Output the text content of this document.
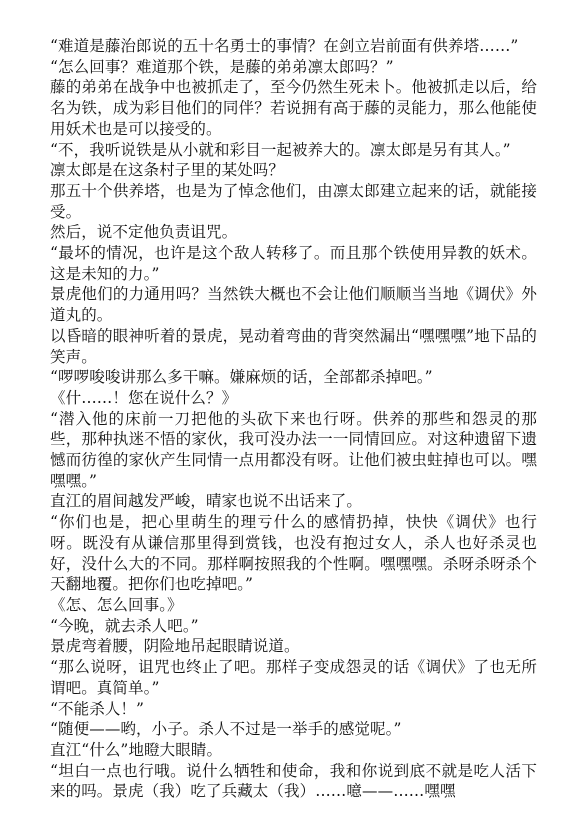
“难道是藤治郎说的五十名勇士的事情？在剑立岩前面有供养塔……”

“怎么回事？难道那个铁，是藤的弟弟凛太郎吗？”

藤的弟弟在战争中也被抓走了，至今仍然生死未卜。他被抓走以后，给名为铁，成为彩目他们的同伴？若说拥有高于藤的灵能力，那么他能使用妖术也是可以接受的。

“不，我听说铁是从小就和彩目一起被养大的。凛太郎是另有其人。”

凛太郎是在这条村子里的某处吗？

那五十个供养塔，也是为了悼念他们，由凛太郎建立起来的话，就能接受。

然后，说不定他负责诅咒。

“最坏的情况，也许是这个敌人转移了。而且那个铁使用异教的妖术。这是未知的力。”

景虎他们的力通用吗？当然铁大概也不会让他们顺顺当当地《调伏》外道丸的。

以昏暗的眼神听着的景虎，晃动着弯曲的背突然漏出“嘿嘿嘿”地下品的笑声。

“啰啰唆唆讲那么多干嘛。嫌麻烦的话，全部都杀掉吧。”

《什……！您在说什么？》

“潜入他的床前一刀把他的头砍下来也行呀。供养的那些和怨灵的那些，那种执迷不悟的家伙，我可没办法一一同情回应。对这种遗留下遗憾而彷徨的家伙产生同情一点用都没有呀。让他们被虫蛀掉也可以。嘿嘿嘿。”

直江的眉间越发严峻，晴家也说不出话来了。

“你们也是，把心里萌生的理亏什么的感情扔掉，快快《调伏》也行呀。既没有从谦信那里得到赏钱，也没有抱过女人，杀人也好杀灵也好，没什么大的不同。那样啊按照我的个性啊。嘿嘿嘿。杀呀杀呀杀个天翻地覆。把你们也吃掉吧。”

《怎、怎么回事。》

“今晚，就去杀人吧。”

景虎弯着腰，阴险地吊起眼睛说道。

“那么说呀，诅咒也终止了吧。那样子变成怨灵的话《调伏》了也无所谓吧。真简单。”

“不能杀人！”

“随便——哟，小子。杀人不过是一举手的感觉呢。”

直江“什么”地瞪大眼睛。

“坦白一点也行哦。说什么牺牲和使命，我和你说到底不就是吃人活下来的吗。景虎（我）吃了兵藏太（我）……噫——……嘿嘿
